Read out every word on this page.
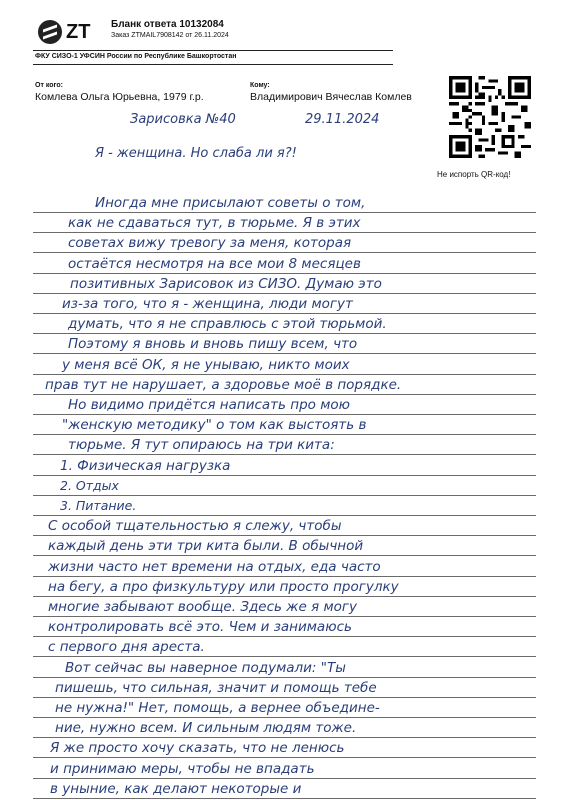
ZT Бланк ответа 10132084
Заказ ZTMAIL7908142 от 26.11.2024
ФКУ СИЗО-1 УФСИН России по Республике Башкортостан
От кого:
Комлева Ольга Юрьевна, 1979 г.р.
Кому:
Владимирович Вячеслав Комлев
Не испорть QR-код!
Зарисовка №40	29.11.2024
Я - женщина. Но слаба ли я?!
Иногда мне присылают советы о том,
как не сдаваться тут, в тюрьме. Я в этих
советах вижу тревогу за меня, которая
остаётся несмотря на все мои 8 месяцев
позитивных Зарисовок из СИЗО. Думаю это
из-за того, что я - женщина, люди могут
думать, что я не справлюсь с этой тюрьмой.
Поэтому я вновь и вновь пишу всем, что
у меня всё ОК, я не унываю, никто моих
прав тут не нарушает, а здоровье моё в порядке.
Но видимо придётся написать про мою
"женскую методику" о том как выстоять в
тюрьме. Я тут опираюсь на три кита:
1. Физическая нагрузка
2. Отдых
3. Питание.
С особой тщательностью я слежу, чтобы
каждый день эти три кита были. В обычной
жизни часто нет времени на отдых, еда часто
на бегу, а про физкультуру или просто прогулку
многие забывают вообще. Здесь же я могу
контролировать всё это. Чем и занимаюсь
с первого дня ареста.
Вот сейчас вы наверное подумали: "Ты
пишешь, что сильная, значит и помощь тебе
не нужна!" Нет, помощь, а вернее объедине-
ние, нужно всем. И сильным людям тоже.
Я же просто хочу сказать, что не ленюсь
и принимаю меры, чтобы не впадать
в уныние, как делают некоторые и
